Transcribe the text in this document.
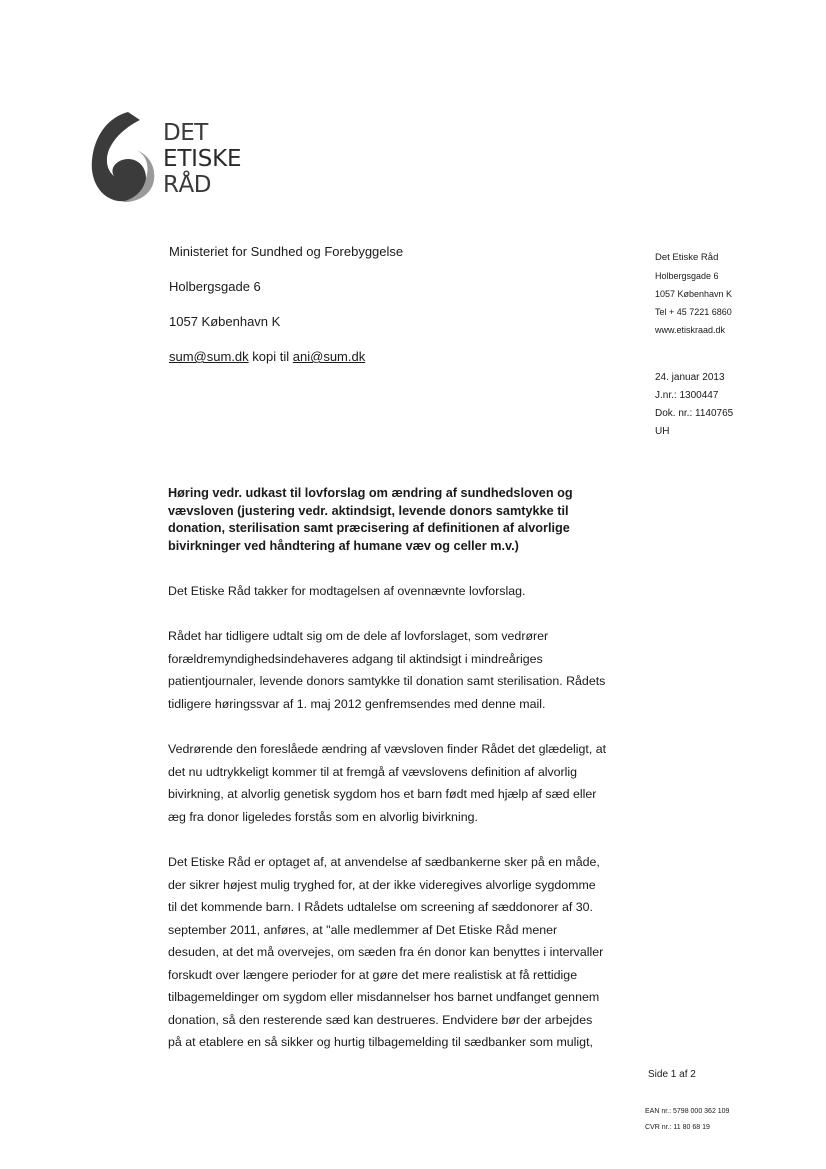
DET
ETISKE
RÅD
Ministeriet for Sundhed og Forebyggelse
Holbergsgade 6
1057 København K
sum@sum.dk kopi til ani@sum.dk
Det Etiske Råd
Holbergsgade 6
1057 København K
Tel + 45 7221 6860
www.etiskraad.dk
24. januar 2013
J.nr.: 1300447
Dok. nr.: 1140765
UH
Høring vedr. udkast til lovforslag om ændring af sundhedsloven og
vævsloven (justering vedr. aktindsigt, levende donors samtykke til
donation, sterilisation samt præcisering af definitionen af alvorlige
bivirkninger ved håndtering af humane væv og celler m.v.)
Det Etiske Råd takker for modtagelsen af ovennævnte lovforslag.
Rådet har tidligere udtalt sig om de dele af lovforslaget, som vedrører
forældremyndighedsindehaveres adgang til aktindsigt i mindreåriges
patientjournaler, levende donors samtykke til donation samt sterilisation. Rådets
tidligere høringssvar af 1. maj 2012 genfremsendes med denne mail.
Vedrørende den foreslåede ændring af vævsloven finder Rådet det glædeligt, at
det nu udtrykkeligt kommer til at fremgå af vævslovens definition af alvorlig
bivirkning, at alvorlig genetisk sygdom hos et barn født med hjælp af sæd eller
æg fra donor ligeledes forstås som en alvorlig bivirkning.
Det Etiske Råd er optaget af, at anvendelse af sædbankerne sker på en måde,
der sikrer højest mulig tryghed for, at der ikke videregives alvorlige sygdomme
til det kommende barn. I Rådets udtalelse om screening af sæddonorer af 30.
september 2011, anføres, at "alle medlemmer af Det Etiske Råd mener
desuden, at det må overvejes, om sæden fra én donor kan benyttes i intervaller
forskudt over længere perioder for at gøre det mere realistisk at få rettidige
tilbagemeldinger om sygdom eller misdannelser hos barnet undfanget gennem
donation, så den resterende sæd kan destrueres. Endvidere bør der arbejdes
på at etablere en så sikker og hurtig tilbagemelding til sædbanker som muligt,
Side 1 af 2
EAN nr.: 5798 000 362 109
CVR nr.: 11 80 68 19
